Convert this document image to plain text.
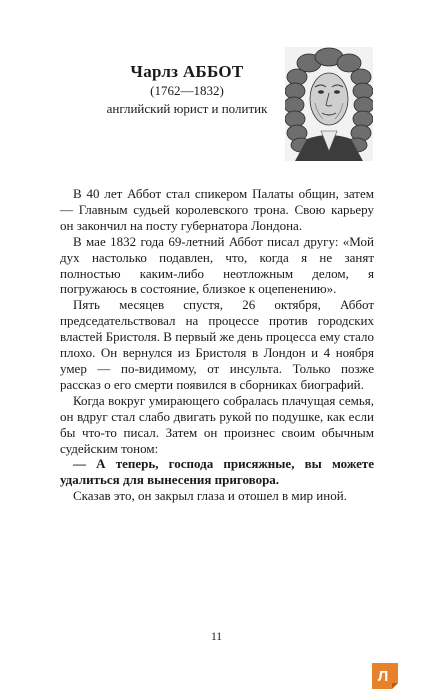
Чарлз АББОТ
(1762—1832)
английский юрист и политик

В 40 лет Аббот стал спикером Палаты общин, затем — Главным судьей королевского трона. Свою карьеру он закончил на посту губернатора Лондона.

В мае 1832 года 69-летний Аббот писал другу: «Мой дух настолько подавлен, что, когда я не занят полностью каким-либо неотложным делом, я погружаюсь в состояние, близкое к оцепенению».

Пять месяцев спустя, 26 октября, Аббот председательствовал на процессе против городских властей Бристоля. В первый же день процесса ему стало плохо. Он вернулся из Бристоля в Лондон и 4 ноября умер — по-видимому, от инсульта. Только позже рассказ о его смерти появился в сборниках биографий.

Когда вокруг умирающего собралась плачущая семья, он вдруг стал слабо двигать рукой по подушке, как если бы что-то писал. Затем он произнес своим обычным судейским тоном:

— А теперь, господа присяжные, вы можете удалиться для вынесения приговора.

Сказав это, он закрыл глаза и отошел в мир иной.

11
Л
